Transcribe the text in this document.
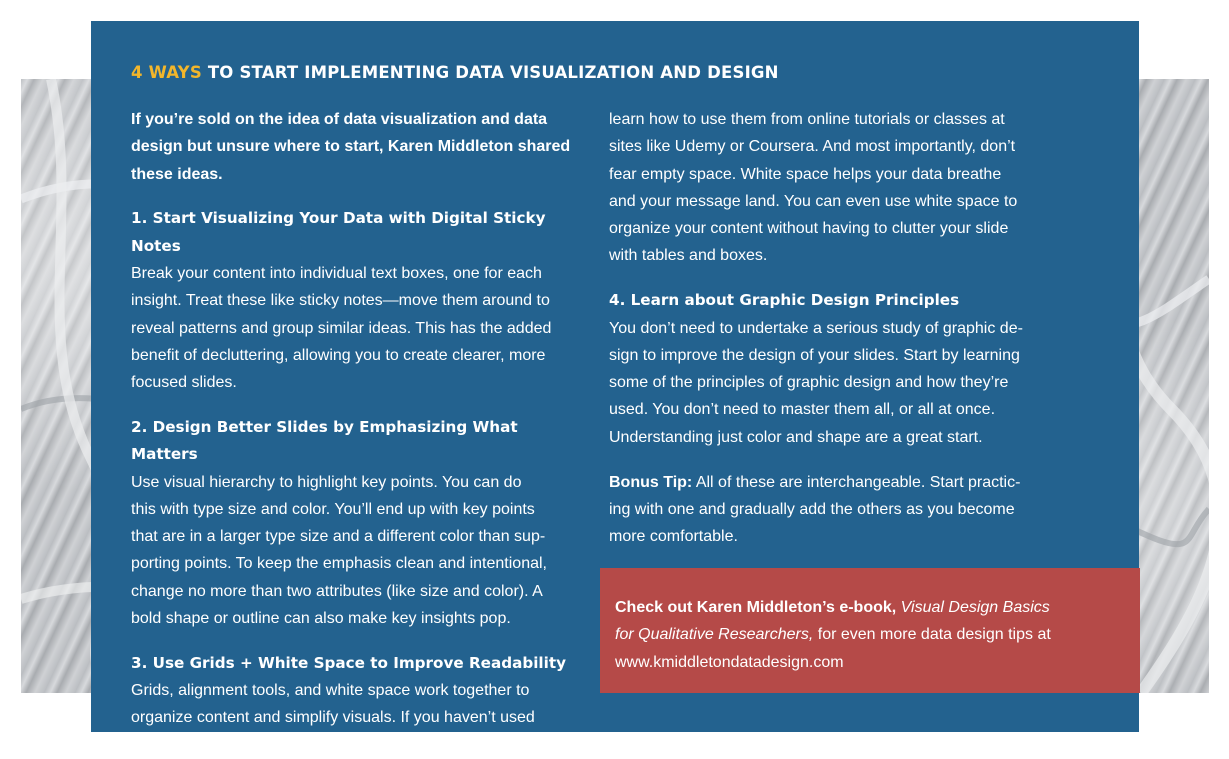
4 WAYS TO START IMPLEMENTING DATA VISUALIZATION AND DESIGN

If you’re sold on the idea of data visualization and data

design but unsure where to start, Karen Middleton shared

these ideas.

1. Start Visualizing Your Data with Digital Sticky Notes

Break your content into individual text boxes, one for each

insight. Treat these like sticky notes—move them around to

reveal patterns and group similar ideas. This has the added

benefit of decluttering, allowing you to create clearer, more

focused slides.

2. Design Better Slides by Emphasizing What Matters

Use visual hierarchy to highlight key points. You can do

this with type size and color. You’ll end up with key points

that are in a larger type size and a different color than sup-

porting points. To keep the emphasis clean and intentional,

change no more than two attributes (like size and color). A

bold shape or outline can also make key insights pop.

3. Use Grids + White Space to Improve Readability

Grids, alignment tools, and white space work together to

organize content and simplify visuals. If you haven’t used

PowerPoint’s grid and alignment tools, you can quickly

learn how to use them from online tutorials or classes at

sites like Udemy or Coursera. And most importantly, don’t

fear empty space. White space helps your data breathe

and your message land. You can even use white space to

organize your content without having to clutter your slide

with tables and boxes.

4. Learn about Graphic Design Principles

You don’t need to undertake a serious study of graphic de-

sign to improve the design of your slides. Start by learning

some of the principles of graphic design and how they’re

used. You don’t need to master them all, or all at once.

Understanding just color and shape are a great start.

Bonus Tip: All of these are interchangeable. Start practic-

ing with one and gradually add the others as you become

more comfortable.

Check out Karen Middleton’s e-book, Visual Design Basics

for Qualitative Researchers, for even more data design tips at

www.kmiddletondatadesign.com
